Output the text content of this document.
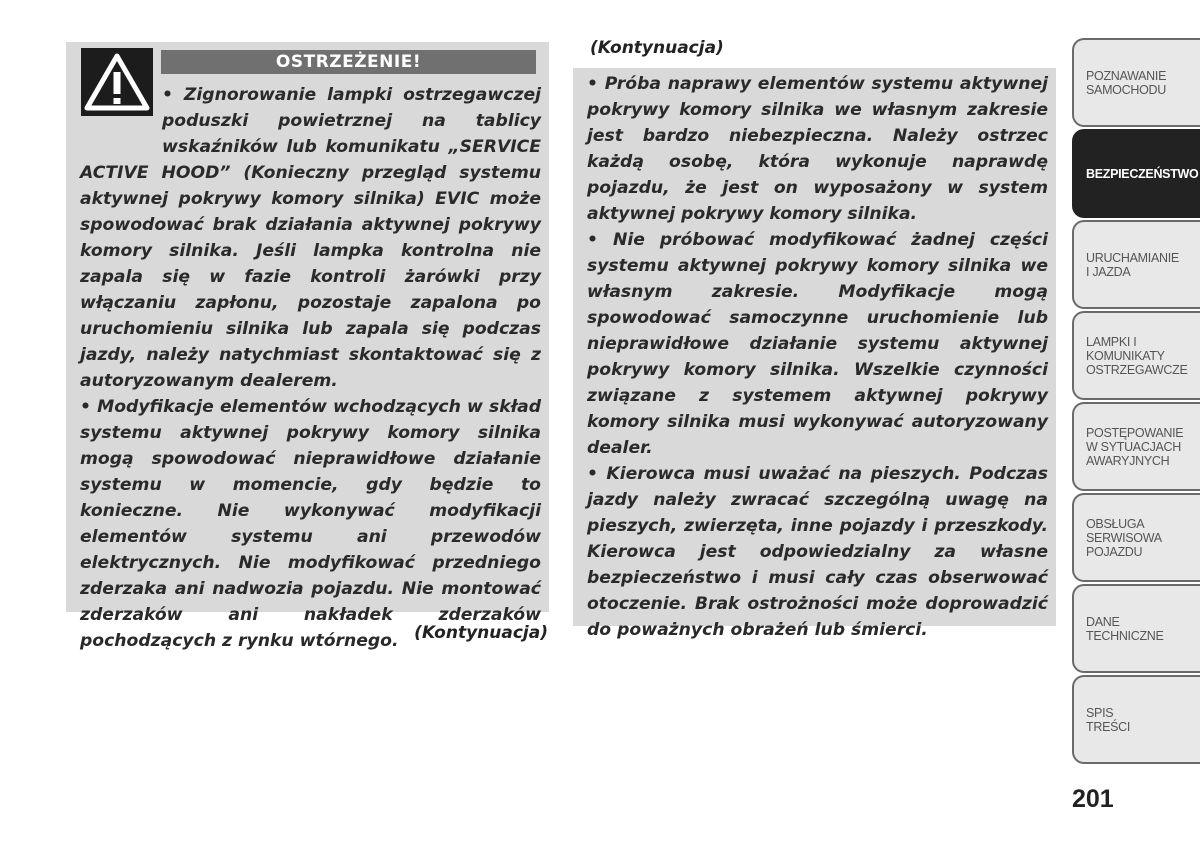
OSTRZEŻENIE!

• Zignorowanie lampki ostrzegawczej poduszki powietrznej na tablicy wskaźników lub komunikatu „SERVICE ACTIVE HOOD” (Konieczny przegląd systemu aktywnej pokrywy komory silnika) EVIC może spowodować brak działania aktywnej pokrywy komory silnika. Jeśli lampka kontrolna nie zapala się w fazie kontroli żarówki przy włączaniu zapłonu, pozostaje zapalona po uruchomieniu silnika lub zapala się podczas jazdy, należy natychmiast skontaktować się z autoryzowanym dealerem.

• Modyfikacje elementów wchodzących w skład systemu aktywnej pokrywy komory silnika mogą spowodować nieprawidłowe działanie systemu w momencie, gdy będzie to konieczne. Nie wykonywać modyfikacji elementów systemu ani przewodów elektrycznych. Nie modyfikować przedniego zderzaka ani nadwozia pojazdu. Nie montować zderzaków ani nakładek zderzaków pochodzących z rynku wtórnego. (Kontynuacja)
(Kontynuacja)

• Próba naprawy elementów systemu aktywnej pokrywy komory silnika we własnym zakresie jest bardzo niebezpieczna. Należy ostrzec każdą osobę, która wykonuje naprawdę pojazdu, że jest on wyposażony w system aktywnej pokrywy komory silnika.

• Nie próbować modyfikować żadnej części systemu aktywnej pokrywy komory silnika we własnym zakresie. Modyfikacje mogą spowodować samoczynne uruchomienie lub nieprawidłowe działanie systemu aktywnej pokrywy komory silnika. Wszelkie czynności związane z systemem aktywnej pokrywy komory silnika musi wykonywać autoryzowany dealer.

• Kierowca musi uważać na pieszych. Podczas jazdy należy zwracać szczególną uwagę na pieszych, zwierzęta, inne pojazdy i przeszkody. Kierowca jest odpowiedzialny za własne bezpieczeństwo i musi cały czas obserwować otoczenie. Brak ostrożności może doprowadzić do poważnych obrażeń lub śmierci.

POZNAWANIE
SAMOCHODU
BEZPIECZEŃSTWO
URUCHAMIANIE
I JAZDA
LAMPKI I
KOMUNIKATY
OSTRZEGAWCZE
POSTĘPOWANIE
W SYTUACJACH
AWARYJNYCH
OBSŁUGA
SERWISOWA
POJAZDU
DANE
TECHNICZNE
SPIS
TREŚCI
201
